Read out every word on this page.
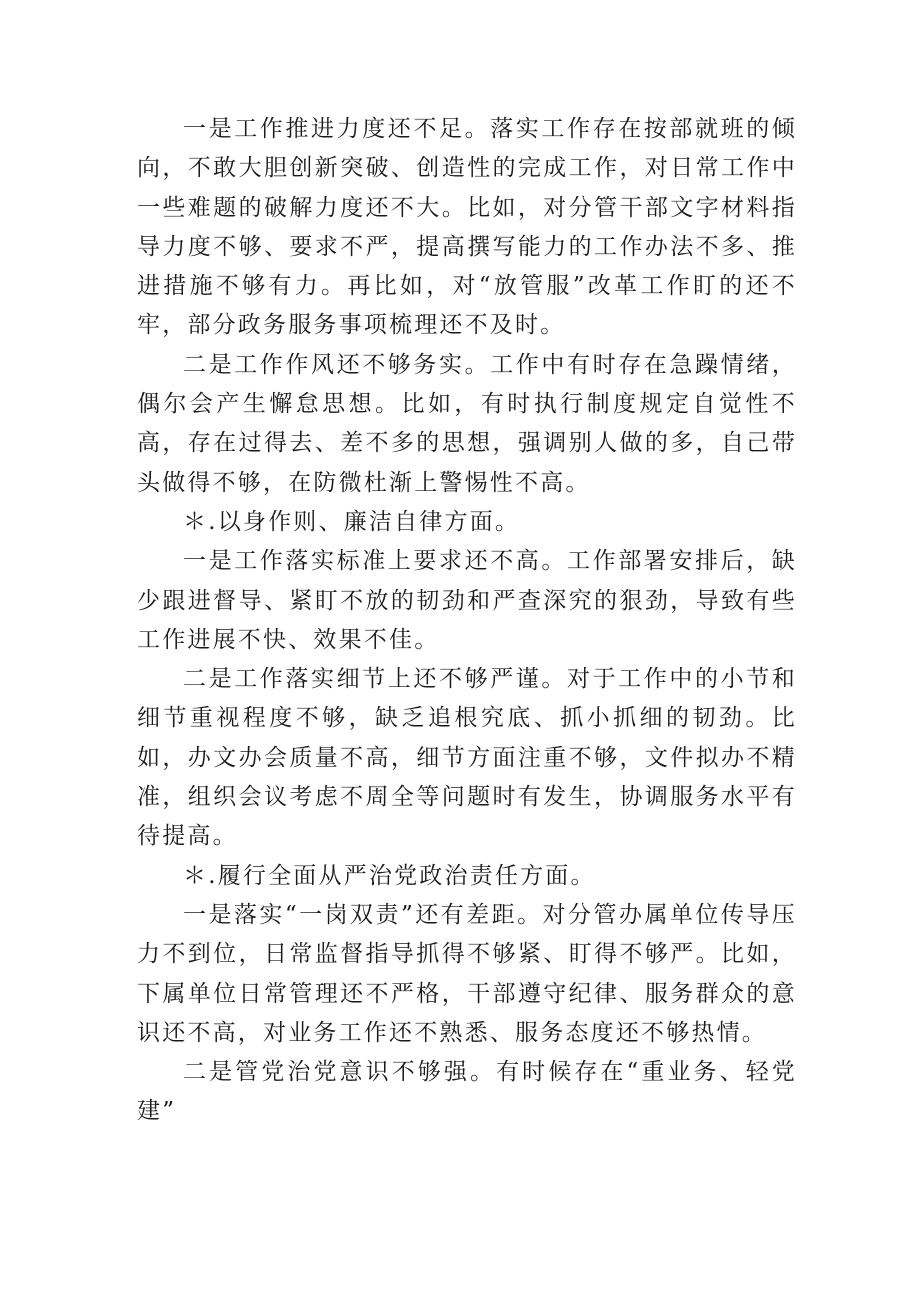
一是工作推进力度还不足。落实工作存在按部就班的倾向，不敢大胆创新突破、创造性的完成工作，对日常工作中一些难题的破解力度还不大。比如，对分管干部文字材料指导力度不够、要求不严，提高撰写能力的工作办法不多、推进措施不够有力。再比如，对“放管服”改革工作盯的还不牢，部分政务服务事项梳理还不及时。

二是工作作风还不够务实。工作中有时存在急躁情绪，偶尔会产生懈怠思想。比如，有时执行制度规定自觉性不高，存在过得去、差不多的思想，强调别人做的多，自己带头做得不够，在防微杜渐上警惕性不高。

＊.以身作则、廉洁自律方面。

一是工作落实标准上要求还不高。工作部署安排后，缺少跟进督导、紧盯不放的韧劲和严查深究的狠劲，导致有些工作进展不快、效果不佳。

二是工作落实细节上还不够严谨。对于工作中的小节和细节重视程度不够，缺乏追根究底、抓小抓细的韧劲。比如，办文办会质量不高，细节方面注重不够，文件拟办不精准，组织会议考虑不周全等问题时有发生，协调服务水平有待提高。

＊.履行全面从严治党政治责任方面。

一是落实“一岗双责”还有差距。对分管办属单位传导压力不到位，日常监督指导抓得不够紧、盯得不够严。比如，下属单位日常管理还不严格，干部遵守纪律、服务群众的意识还不高，对业务工作还不熟悉、服务态度还不够热情。

二是管党治党意识不够强。有时候存在“重业务、轻党建”
